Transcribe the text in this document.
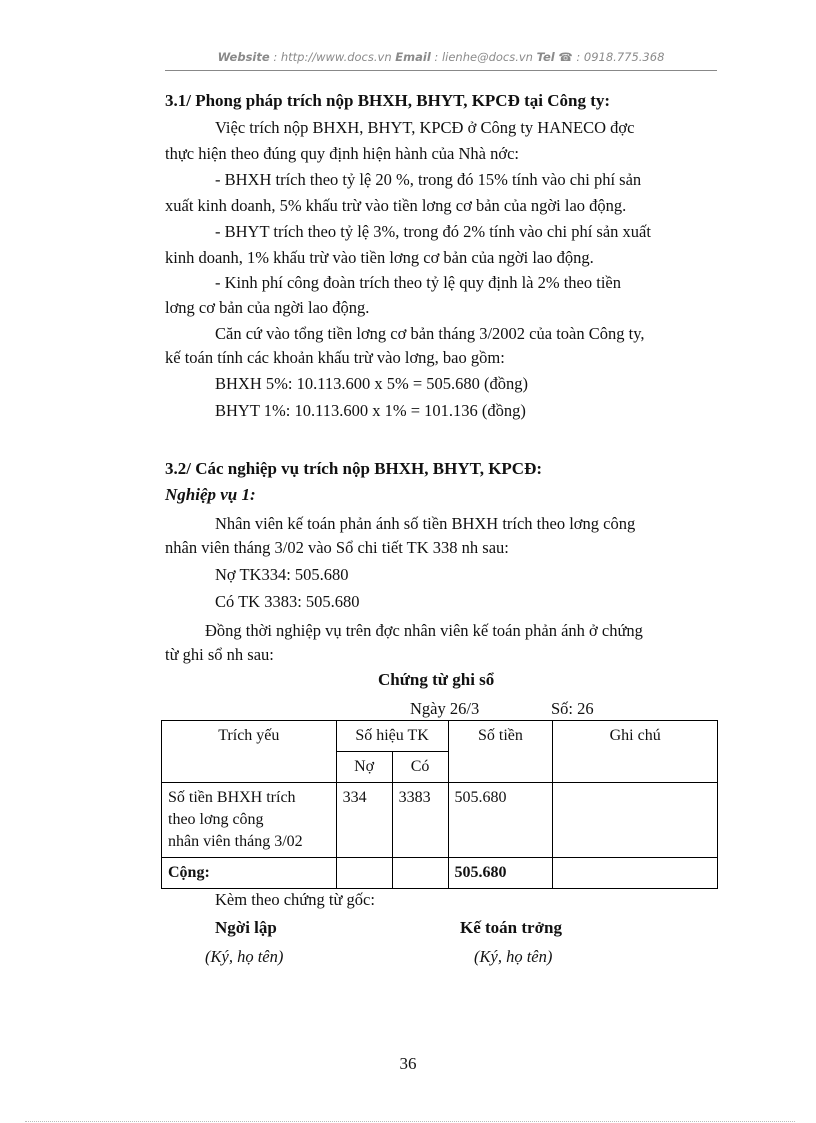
Website : http://www.docs.vn Email : lienhe@docs.vn Tel ☎ : 0918.775.368
3.1/ Phong pháp trích nộp BHXH, BHYT, KPCĐ tại Công ty:
Việc trích nộp BHXH, BHYT, KPCĐ ở Công ty HANECO đợc
thực hiện theo đúng quy định hiện hành của Nhà nớc:
- BHXH trích theo tỷ lệ 20 %, trong đó 15% tính vào chi phí sản
xuất kinh doanh, 5% khấu trừ vào tiền lơng cơ bản của ngời lao động.
- BHYT trích theo tỷ lệ 3%, trong đó 2% tính vào chi phí sản xuất
kinh doanh, 1% khấu trừ vào tiền lơng cơ bản của ngời lao động.
- Kinh phí công đoàn trích theo tỷ lệ quy định là 2% theo tiền
lơng cơ bản của ngời lao động.
Căn cứ vào tổng tiền lơng cơ bản tháng 3/2002 của toàn Công ty,
kế toán tính các khoản khấu trừ vào lơng, bao gồm:
BHXH 5%: 10.113.600 x 5% = 505.680 (đồng)
BHYT 1%: 10.113.600 x 1% = 101.136 (đồng)
3.2/ Các nghiệp vụ trích nộp BHXH, BHYT, KPCĐ:
Nghiệp vụ 1:
Nhân viên kế toán phản ánh số tiền BHXH trích theo lơng công
nhân viên tháng 3/02 vào Sổ chi tiết TK 338 nh sau:
Nợ TK334: 505.680
Có TK 3383: 505.680
Đồng thời nghiệp vụ trên đợc nhân viên kế toán phản ánh ở chứng
từ ghi sổ nh sau:
Chứng từ ghi sổ
Ngày 26/3	Số: 26
Trích yếu	Số hiệu TK		Số tiền	Ghi chú
	Nợ	Có		

Số tiền BHXH trích
theo lơng công
nhân viên tháng 3/02	334	3383	505.680	
Cộng:			505.680	
Kèm theo chứng từ gốc:
Ngời lập	Kế toán trởng
(Ký, họ tên)	(Ký, họ tên)
36
